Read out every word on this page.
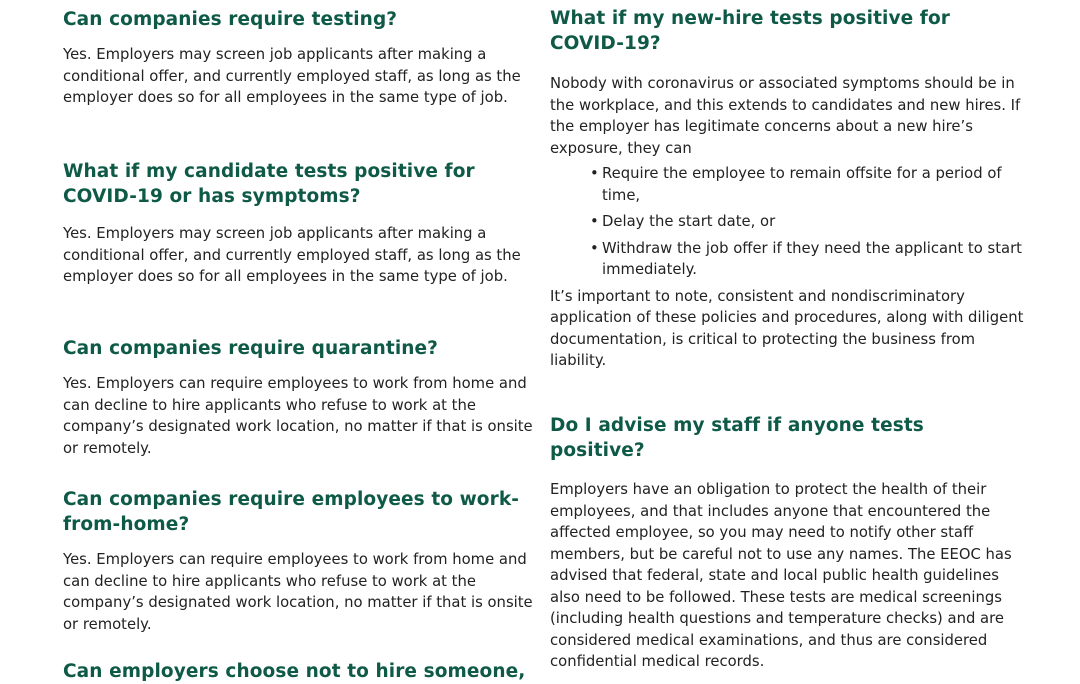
Can companies require testing?

Yes. Employers may screen job applicants after making a conditional offer, and currently employed staff, as long as the employer does so for all employees in the same type of job.

What if my candidate tests positive for COVID-19 or has symptoms?

Yes. Employers may screen job applicants after making a conditional offer, and currently employed staff, as long as the employer does so for all employees in the same type of job.

Can companies require quarantine?

Yes. Employers can require employees to work from home and can decline to hire applicants who refuse to work at the company’s designated work location, no matter if that is onsite or remotely.

Can companies require employees to work-from-home?

Yes. Employers can require employees to work from home and can decline to hire applicants who refuse to work at the company’s designated work location, no matter if that is onsite or remotely.

Can employers choose not to hire someone,
What if my new-hire tests positive for COVID-19?

Nobody with coronavirus or associated symptoms should be in the workplace, and this extends to candidates and new hires. If the employer has legitimate concerns about a new hire’s exposure, they can

• Require the employee to remain offsite for a period of time,
• Delay the start date, or
• Withdraw the job offer if they need the applicant to start immediately.

It’s important to note, consistent and nondiscriminatory application of these policies and procedures, along with diligent documentation, is critical to protecting the business from liability.

Do I advise my staff if anyone tests positive?

Employers have an obligation to protect the health of their employees, and that includes anyone that encountered the affected employee, so you may need to notify other staff members, but be careful not to use any names. The EEOC has advised that federal, state and local public health guidelines also need to be followed. These tests are medical screenings (including health questions and temperature checks) and are considered medical examinations, and thus are considered confidential medical records.
